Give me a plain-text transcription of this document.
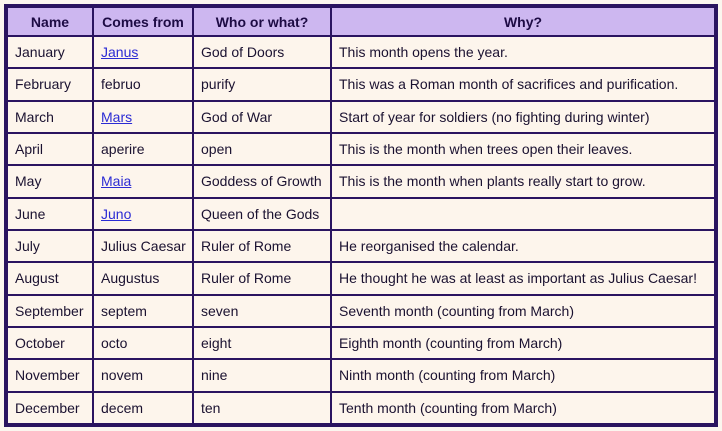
Name	Comes from	Who or what?	Why?
January	Janus	God of Doors	This month opens the year.
February	februo	purify	This was a Roman month of sacrifices and purification.
March	Mars	God of War	Start of year for soldiers (no fighting during winter)
April	aperire	open	This is the month when trees open their leaves.
May	Maia	Goddess of Growth	This is the month when plants really start to grow.
June	Juno	Queen of the Gods	
July	Julius Caesar	Ruler of Rome	He reorganised the calendar.
August	Augustus	Ruler of Rome	He thought he was at least as important as Julius Caesar!
September	septem	seven	Seventh month (counting from March)
October	octo	eight	Eighth month (counting from March)
November	novem	nine	Ninth month (counting from March)
December	decem	ten	Tenth month (counting from March)
